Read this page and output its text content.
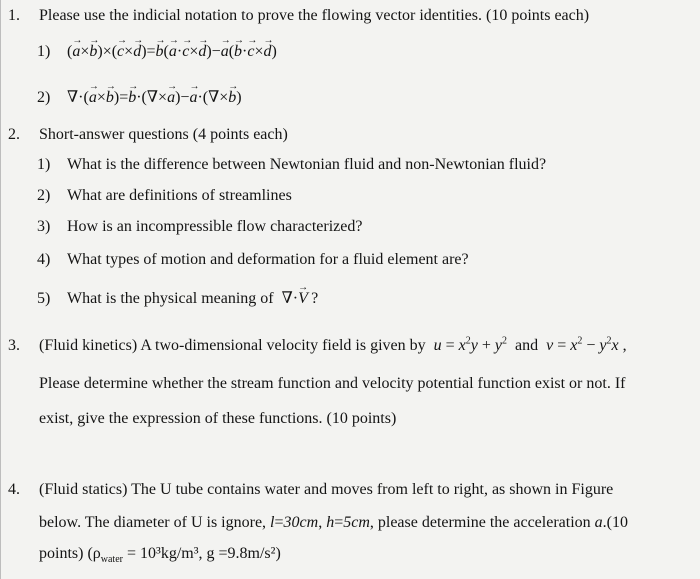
1. Please use the indicial notation to prove the flowing vector identities. (10 points each)
1) (→ a×→ b)×(→ c×→ d)=→ b(→ a·→ c×→ d)−→ a(→ b·→ c×→ d)
2) ∇·(→ a×→ b)=→ b·(∇×→ a)−→ a·(∇×→ b)
2. Short-answer questions (4 points each)
1) What is the difference between Newtonian fluid and non-Newtonian fluid?
2) What are definitions of streamlines
3) How is an incompressible flow characterized?
4) What types of motion and deformation for a fluid element are?
5) What is the physical meaning of ∇·→ V ?
3. (Fluid kinetics) A two-dimensional velocity field is given by $u = x^2y + y^2$ and $v = x^2 - y^2x$ ,
Please determine whether the stream function and velocity potential function exist or not. If
exist, give the expression of these functions. (10 points)
4. (Fluid statics) The U tube contains water and moves from left to right, as shown in Figure
below. The diameter of U is ignore, l=30cm, h=5cm, please determine the acceleration a.(10
points) ($\rho_{water} = 10^3kg/m^3$, g =9.8m/s²)
